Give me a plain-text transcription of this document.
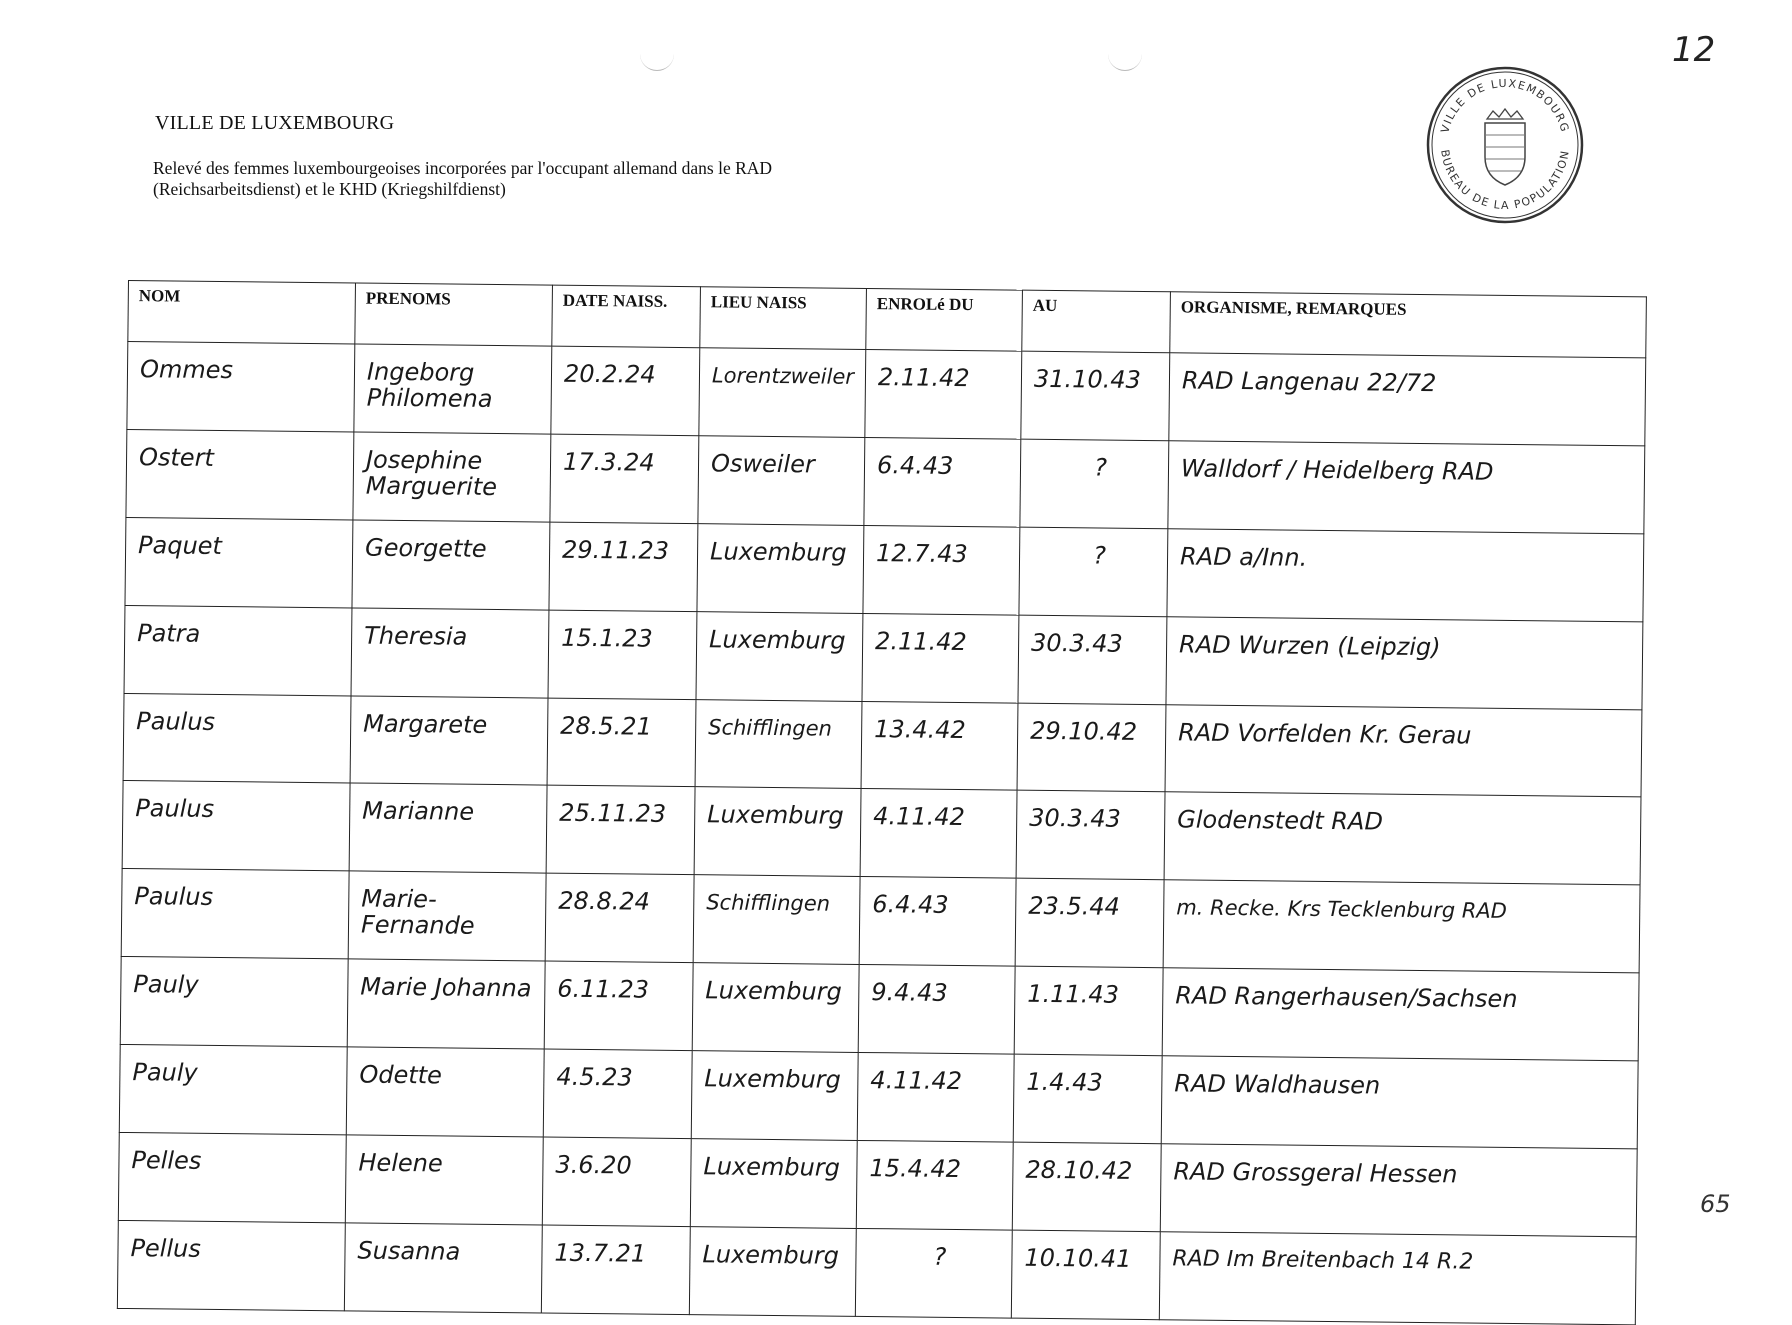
12
VILLE DE LUXEMBOURG
Relevé des femmes luxembourgeoises incorporées par l'occupant allemand dans le RAD (Reichsarbeitsdienst) et le KHD (Kriegshilfdienst)
VILLE DE LUXEMBOURG
BUREAU DE LA POPULATION
NOM	PRENOMS	DATE NAISS.	LIEU NAISS	ENROLé DU	AU	ORGANISME, REMARQUES
Ommes	Ingeborg Philomena	20.2.24	Lorentzweiler	2.11.42	31.10.43	RAD Langenau 22/72
Ostert	Josephine Marguerite	17.3.24	Osweiler	6.4.43	?	Walldorf / Heidelberg RAD
Paquet	Georgette	29.11.23	Luxemburg	12.7.43	?	RAD a/Inn.
Patra	Theresia	15.1.23	Luxemburg	2.11.42	30.3.43	RAD Wurzen (Leipzig)
Paulus	Margarete	28.5.21	Schifflingen	13.4.42	29.10.42	RAD Vorfelden Kr. Gerau
Paulus	Marianne	25.11.23	Luxemburg	4.11.42	30.3.43	Glodenstedt RAD
Paulus	Marie-Fernande	28.8.24	Schifflingen	6.4.43	23.5.44	m. Recke. Krs Tecklenburg RAD
Pauly	Marie Johanna	6.11.23	Luxemburg	9.4.43	1.11.43	RAD Rangerhausen/Sachsen
Pauly	Odette	4.5.23	Luxemburg	4.11.42	1.4.43	RAD Waldhausen
Pelles	Helene	3.6.20	Luxemburg	15.4.42	28.10.42	RAD Grossgeral Hessen
Pellus	Susanna	13.7.21	Luxemburg	?	10.10.41	RAD Im Breitenbach 14 R.2
65
